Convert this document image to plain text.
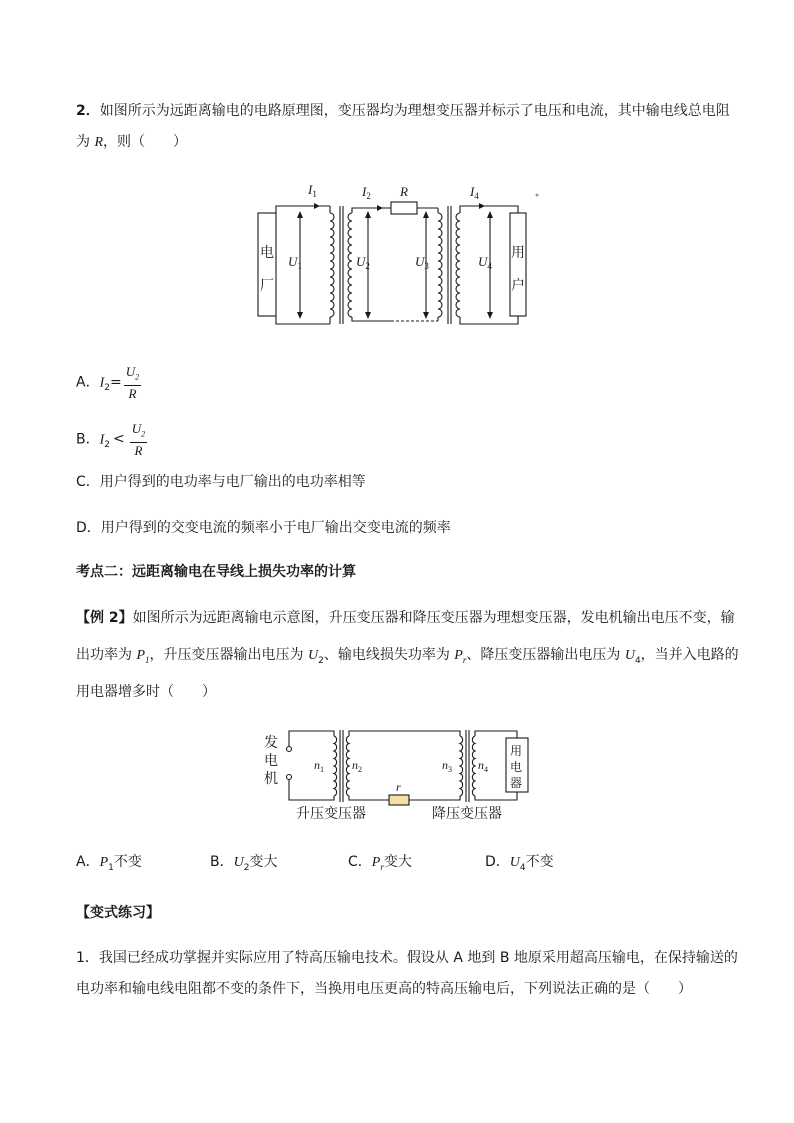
2．如图所示为远距离输电的电路原理图，变压器均为理想变压器并标示了电压和电流，其中输电线总电阻
为 R，则（　　）
$I_1$	$I_2$ R	$I_4$
$U_1$	$U_2$	$U_3$	$U_4$
电
厂
用
户
A．$I_2= \frac{U_2}{R}$
B．$I_2 < \frac{U_2}{R}$
C．用户得到的电功率与电厂输出的电功率相等
D．用户得到的交变电流的频率小于电厂输出交变电流的频率
考点二：远距离输电在导线上损失功率的计算
【例 2】如图所示为远距离输电示意图，升压变压器和降压变压器为理想变压器，发电机输出电压不变，输
出功率为 $P_1$，升压变压器输出电压为 $U_2$、输电线损失功率为 $P_r$、降压变压器输出电压为 $U_4$，当并入电路的
用电器增多时（　　）
发
电
机
用
电
器
升压变压器	降压变压器
$n_1$ $n_2$	$n_3$ $n_4$
r
A．$P_1$不变	B．$U_2$变大	C．$P_r$变大	D．$U_4$不变
【变式练习】
1．我国已经成功掌握并实际应用了特高压输电技术。假设从 A 地到 B 地原采用超高压输电，在保持输送的
电功率和输电线电阻都不变的条件下，当换用电压更高的特高压输电后，下列说法正确的是（　　）
